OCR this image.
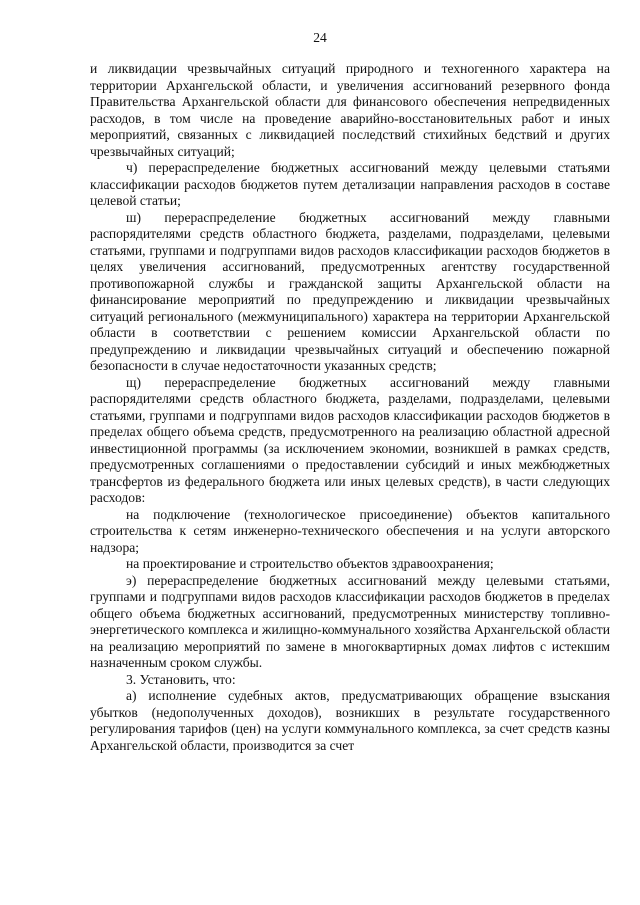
24

и ликвидации чрезвычайных ситуаций природного и техногенного характера на территории Архангельской области, и увеличения ассигнований резервного фонда Правительства Архангельской области для финансового обеспечения непредвиденных расходов, в том числе на проведение аварийно-восстановительных работ и иных мероприятий, связанных с ликвидацией последствий стихийных бедствий и других чрезвычайных ситуаций;

ч) перераспределение бюджетных ассигнований между целевыми статьями классификации расходов бюджетов путем детализации направления расходов в составе целевой статьи;

ш) перераспределение бюджетных ассигнований между главными распорядителями средств областного бюджета, разделами, подразделами, целевыми статьями, группами и подгруппами видов расходов классификации расходов бюджетов в целях увеличения ассигнований, предусмотренных агентству государственной противопожарной службы и гражданской защиты Архангельской области на финансирование мероприятий по предупреждению и ликвидации чрезвычайных ситуаций регионального (межмуниципального) характера на территории Архангельской области в соответствии с решением комиссии Архангельской области по предупреждению и ликвидации чрезвычайных ситуаций и обеспечению пожарной безопасности в случае недостаточности указанных средств;

щ) перераспределение бюджетных ассигнований между главными распорядителями средств областного бюджета, разделами, подразделами, целевыми статьями, группами и подгруппами видов расходов классификации расходов бюджетов в пределах общего объема средств, предусмотренного на реализацию областной адресной инвестиционной программы (за исключением экономии, возникшей в рамках средств, предусмотренных соглашениями о предоставлении субсидий и иных межбюджетных трансфертов из федерального бюджета или иных целевых средств), в части следующих расходов:

на подключение (технологическое присоединение) объектов капитального строительства к сетям инженерно-технического обеспечения и на услуги авторского надзора;

на проектирование и строительство объектов здравоохранения;

э) перераспределение бюджетных ассигнований между целевыми статьями, группами и подгруппами видов расходов классификации расходов бюджетов в пределах общего объема бюджетных ассигнований, предусмотренных министерству топливно-энергетического комплекса и жилищно-коммунального хозяйства Архангельской области на реализацию мероприятий по замене в многоквартирных домах лифтов с истекшим назначенным сроком службы.

3. Установить, что:

а) исполнение судебных актов, предусматривающих обращение взыскания убытков (недополученных доходов), возникших в результате государственного регулирования тарифов (цен) на услуги коммунального комплекса, за счет средств казны Архангельской области, производится за счет
